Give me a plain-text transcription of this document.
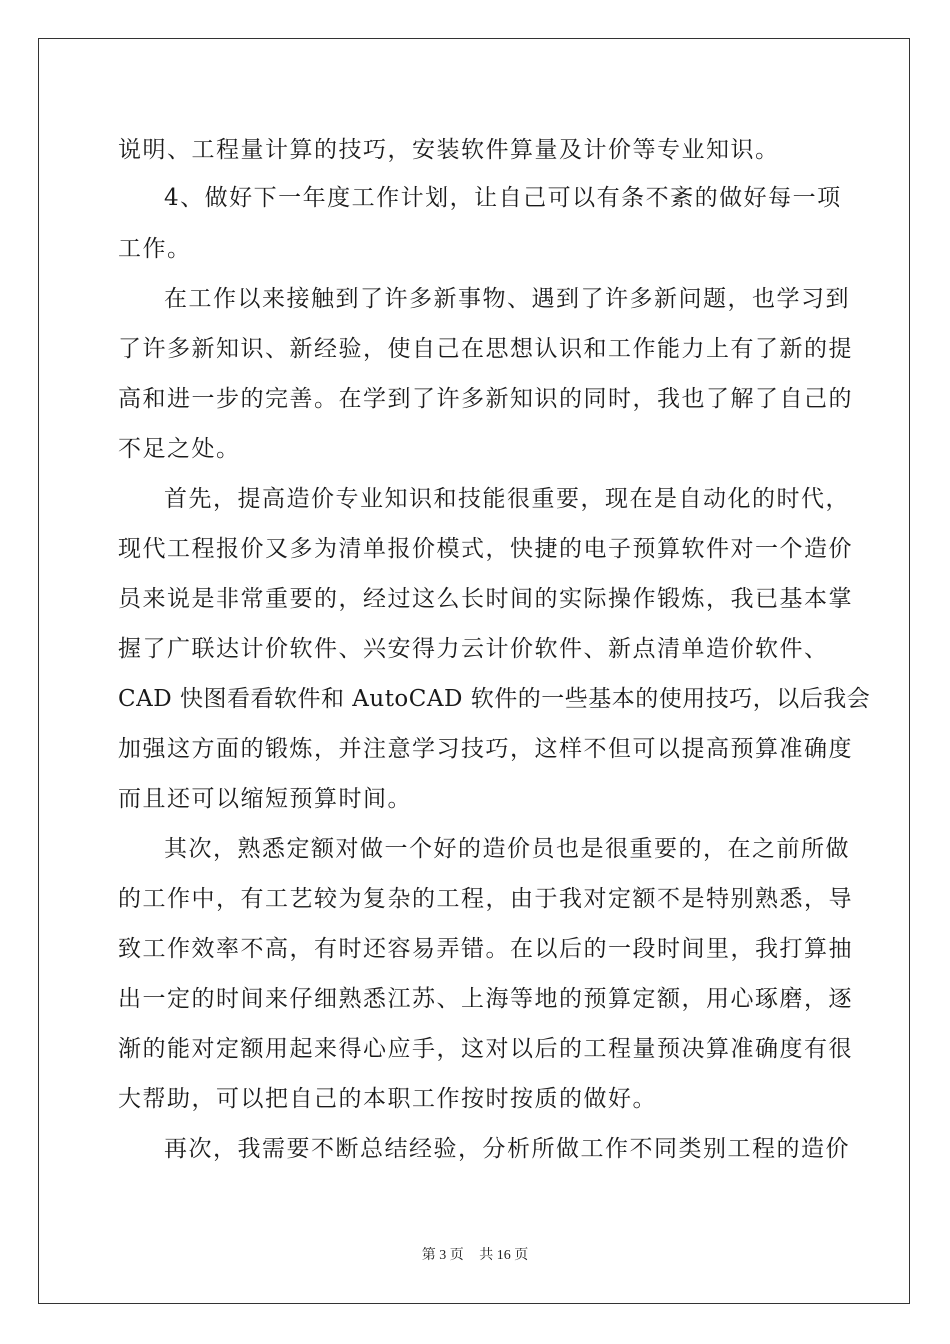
说明、工程量计算的技巧，安装软件算量及计价等专业知识。
4、做好下一年度工作计划，让自己可以有条不紊的做好每一项
工作。
在工作以来接触到了许多新事物、遇到了许多新问题，也学习到
了许多新知识、新经验，使自己在思想认识和工作能力上有了新的提
高和进一步的完善。在学到了许多新知识的同时，我也了解了自己的
不足之处。
首先，提高造价专业知识和技能很重要，现在是自动化的时代，
现代工程报价又多为清单报价模式，快捷的电子预算软件对一个造价
员来说是非常重要的，经过这么长时间的实际操作锻炼，我已基本掌
握了广联达计价软件、兴安得力云计价软件、新点清单造价软件、
CAD 快图看看软件和 AutoCAD 软件的一些基本的使用技巧，以后我会
加强这方面的锻炼，并注意学习技巧，这样不但可以提高预算准确度
而且还可以缩短预算时间。
其次，熟悉定额对做一个好的造价员也是很重要的，在之前所做
的工作中，有工艺较为复杂的工程，由于我对定额不是特别熟悉，导
致工作效率不高，有时还容易弄错。在以后的一段时间里，我打算抽
出一定的时间来仔细熟悉江苏、上海等地的预算定额，用心琢磨，逐
渐的能对定额用起来得心应手，这对以后的工程量预决算准确度有很
大帮助，可以把自己的本职工作按时按质的做好。
再次，我需要不断总结经验，分析所做工作不同类别工程的造价
第 3 页 共 16 页
